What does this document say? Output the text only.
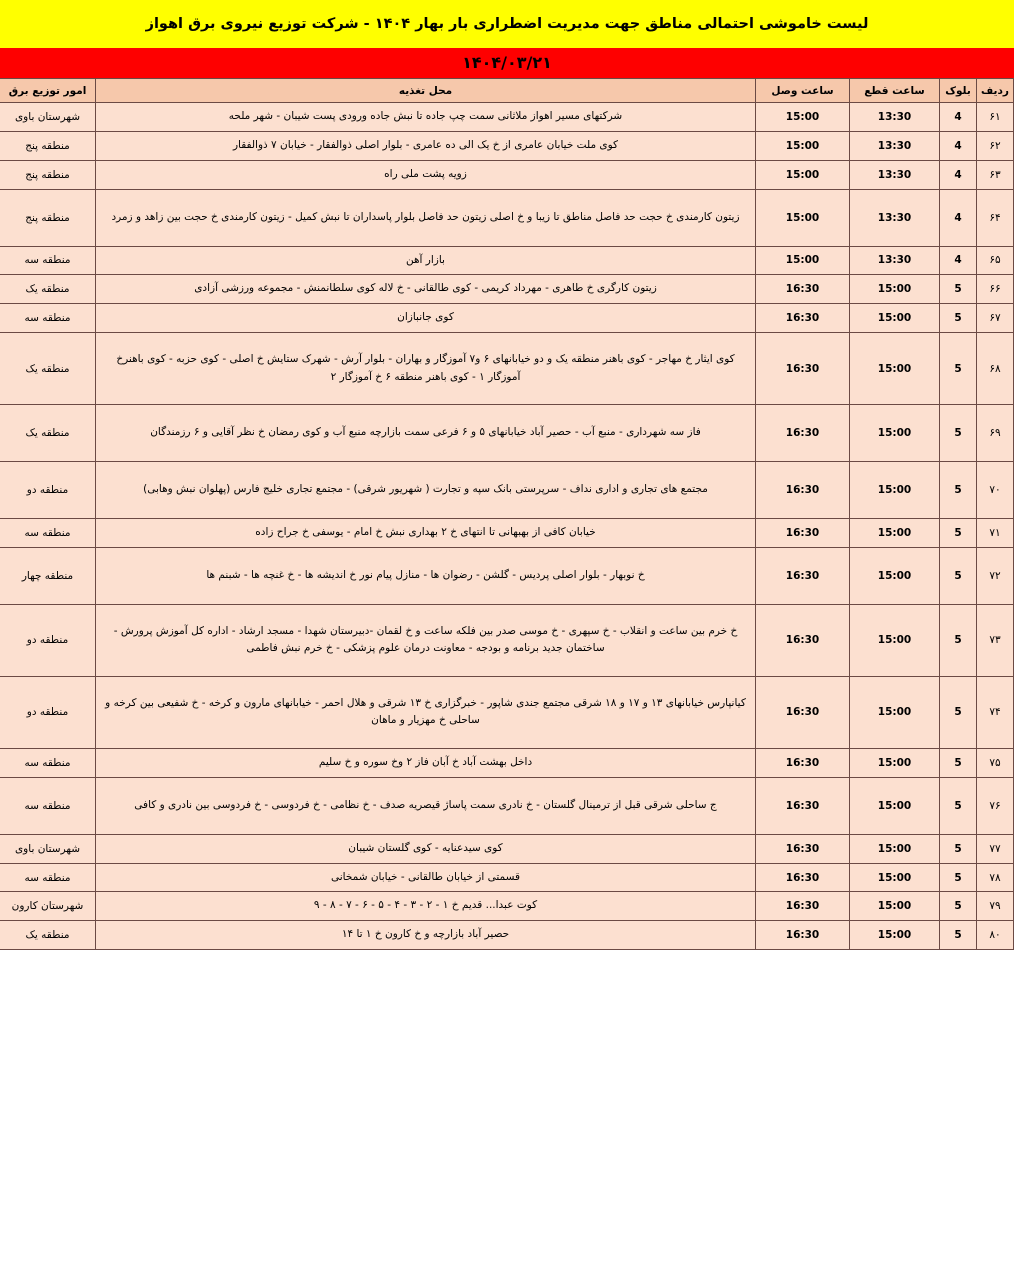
لیست خاموشی احتمالی مناطق جهت مدیریت اضطراری بار بهار ۱۴۰۴ - شرکت توزیع نیروی برق اهواز
۱۴۰۴/۰۳/۲۱
ردیف	بلوک	ساعت قطع	ساعت وصل	محل تغذیه	امور توزیع برق
۶۱	4	13:30	15:00	شرکتهای مسیر اهواز ملاثانی سمت چپ جاده تا نبش جاده ورودی پست شیبان - شهر ملحه	شهرستان باوی
۶۲	4	13:30	15:00	کوی ملت خیابان عامری از خ یک الی ده عامری - بلوار اصلی ذوالفقار - خیابان ۷ ذوالفقار	منطقه پنج
۶۳	4	13:30	15:00	زویه پشت ملی راه	منطقه پنج
۶۴	4	13:30	15:00	زیتون کارمندی خ حجت حد فاصل مناطق تا زیبا و خ اصلی زیتون حد فاصل بلوار پاسداران تا نبش کمیل - زیتون کارمندی خ حجت بین زاهد و زمرد	منطقه پنج
۶۵	4	13:30	15:00	بازار آهن	منطقه سه
۶۶	5	15:00	16:30	زیتون کارگری خ طاهری - مهرداد کریمی - کوی طالقانی - خ لاله کوی سلطانمنش - مجموعه ورزشی آزادی	منطقه یک
۶۷	5	15:00	16:30	کوی جانبازان	منطقه سه
۶۸	5	15:00	16:30	کوی ایثار خ مهاجر - کوی باهنر منطقه یک و دو خیابانهای ۶ و۷ آموزگار و بهاران - بلوار آرش - شهرک ستایش خ اصلی - کوی حزبه - کوی باهنرخ آموزگار ۱ - کوی باهنر منطقه ۶ خ آموزگار ۲	منطقه یک
۶۹	5	15:00	16:30	فاز سه شهرداری - منبع آب - حصیر آباد خیابانهای ۵ و ۶ فرعی سمت بازارچه منبع آب و کوی رمضان خ نظر آقایی و ۶ رزمندگان	منطقه یک
۷۰	5	15:00	16:30	مجتمع های تجاری و اداری نداف - سرپرستی بانک سپه و تجارت ( شهریور شرقی) - مجتمع تجاری خلیج فارس (پهلوان نبش وهابی)	منطقه دو
۷۱	5	15:00	16:30	خیابان کافی از بهبهانی تا انتهای خ ۲ بهداری نبش خ امام - یوسفی خ جراح زاده	منطقه سه
۷۲	5	15:00	16:30	خ نوبهار - بلوار اصلی پردیس - گلشن - رضوان ها - منازل پیام نور خ اندیشه ها - خ غنچه ها - شبنم ها	منطقه چهار
۷۳	5	15:00	16:30	خ خرم بین ساعت و انقلاب - خ سپهری - خ موسی صدر بین فلکه ساعت و خ لقمان -دبیرستان شهدا - مسجد ارشاد - اداره کل آموزش پرورش - ساختمان جدید برنامه و بودجه - معاونت درمان علوم پزشکی - خ خرم نبش فاطمی	منطقه دو
۷۴	5	15:00	16:30	کیانپارس خیابانهای ۱۳ و ۱۷ و ۱۸ شرقی مجتمع جندی شاپور - خبرگزاری خ ۱۳ شرقی و هلال احمر - خیابانهای مارون و کرخه - خ شفیعی بین کرخه و ساحلی خ مهزیار و ماهان	منطقه دو
۷۵	5	15:00	16:30	داخل بهشت آباد خ آبان فاز ۲ وخ سوره و خ سلیم	منطقه سه
۷۶	5	15:00	16:30	ج ساحلی شرقی قبل از ترمینال گلستان - خ نادری سمت پاساژ قیصریه صدف - خ نظامی - خ فردوسی - خ فردوسی بین نادری و کافی	منطقه سه
۷۷	5	15:00	16:30	کوی سیدعنایه - کوی گلستان شیبان	شهرستان باوی
۷۸	5	15:00	16:30	قسمتی از خیابان طالقانی - خیابان شمخانی	منطقه سه
۷۹	5	15:00	16:30	کوت عبدا... قدیم خ ۱ - ۲ - ۳ - ۴ - ۵ - ۶ - ۷ - ۸ - ۹	شهرستان کارون
۸۰	5	15:00	16:30	حصیر آباد بازارچه و خ کارون خ ۱ تا ۱۴	منطقه یک
